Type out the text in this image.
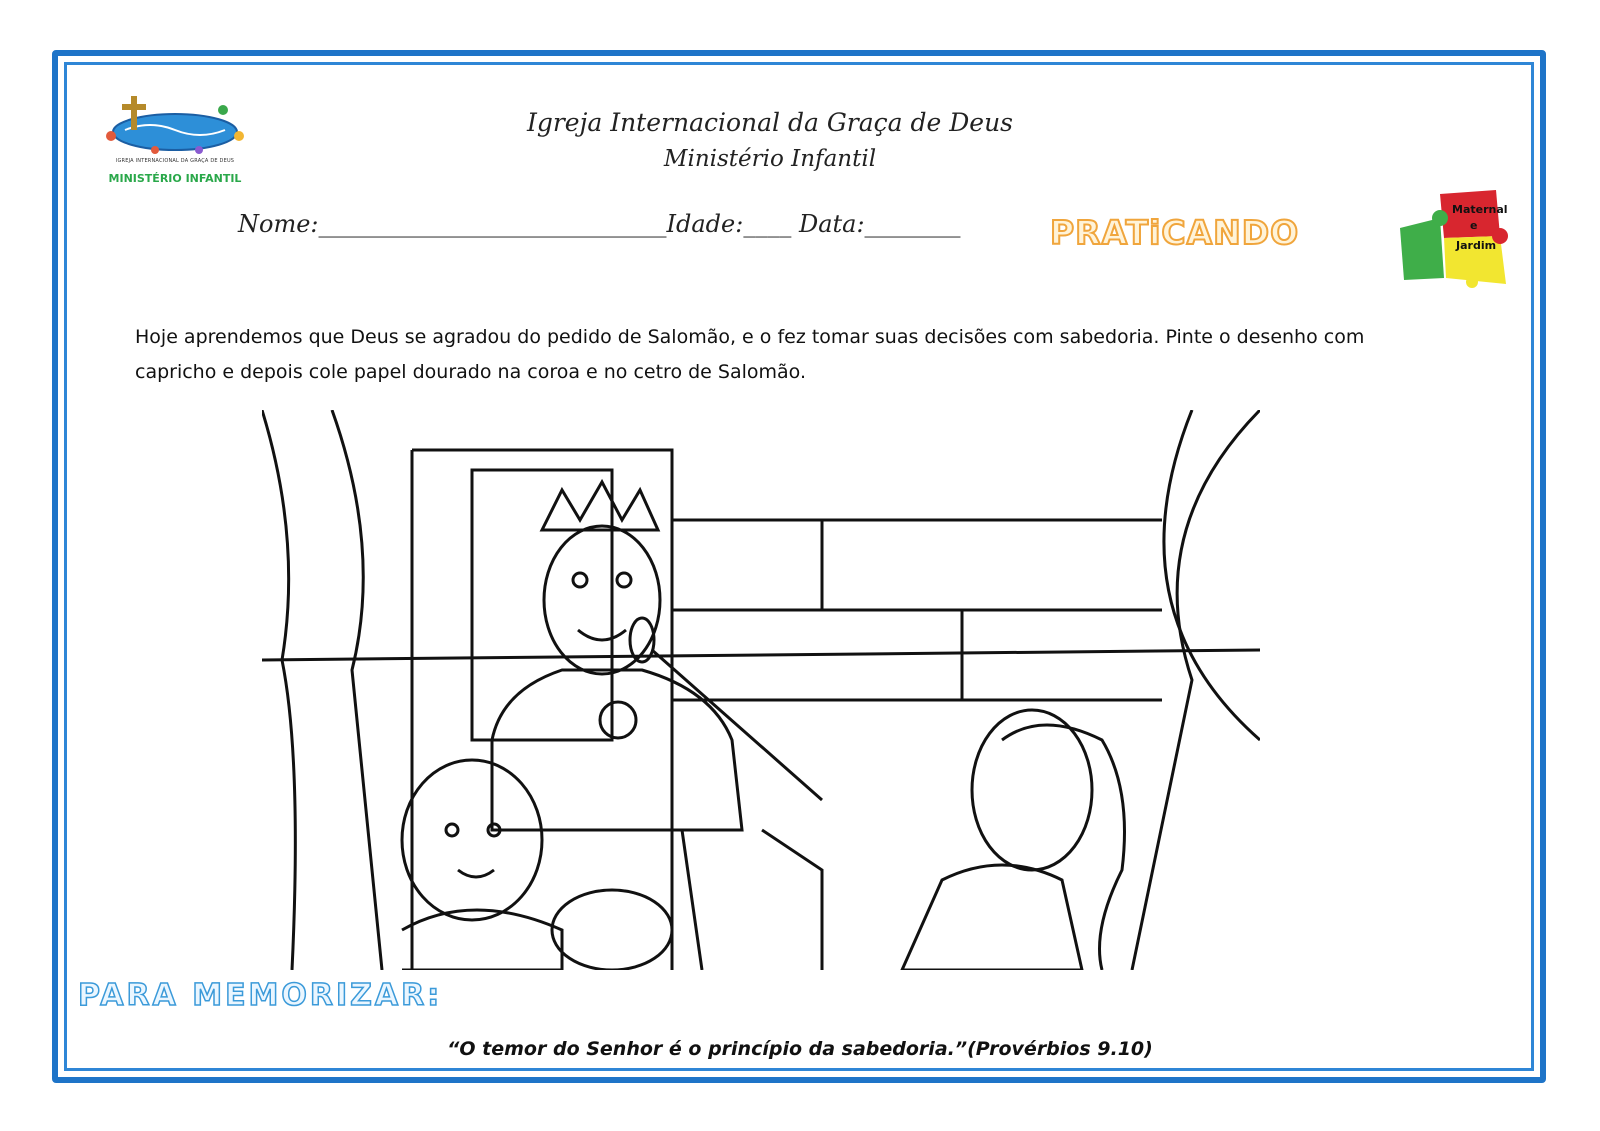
IGREJA INTERNACIONAL DA GRAÇA DE DEUS
MINISTÉRIO INFANTIL
Igreja Internacional da Graça de Deus
Ministério Infantil
Nome:_____________________________Idade:____ Data:________	PRATiCANDO
Maternal
e
Jardim
Hoje aprendemos que Deus se agradou do pedido de Salomão, e o fez tomar suas decisões com sabedoria. Pinte o desenho com capricho e depois cole papel dourado na coroa e no cetro de Salomão.
PARA MEMORIZAR:
“O temor do Senhor é o princípio da sabedoria.”(Provérbios 9.10)
